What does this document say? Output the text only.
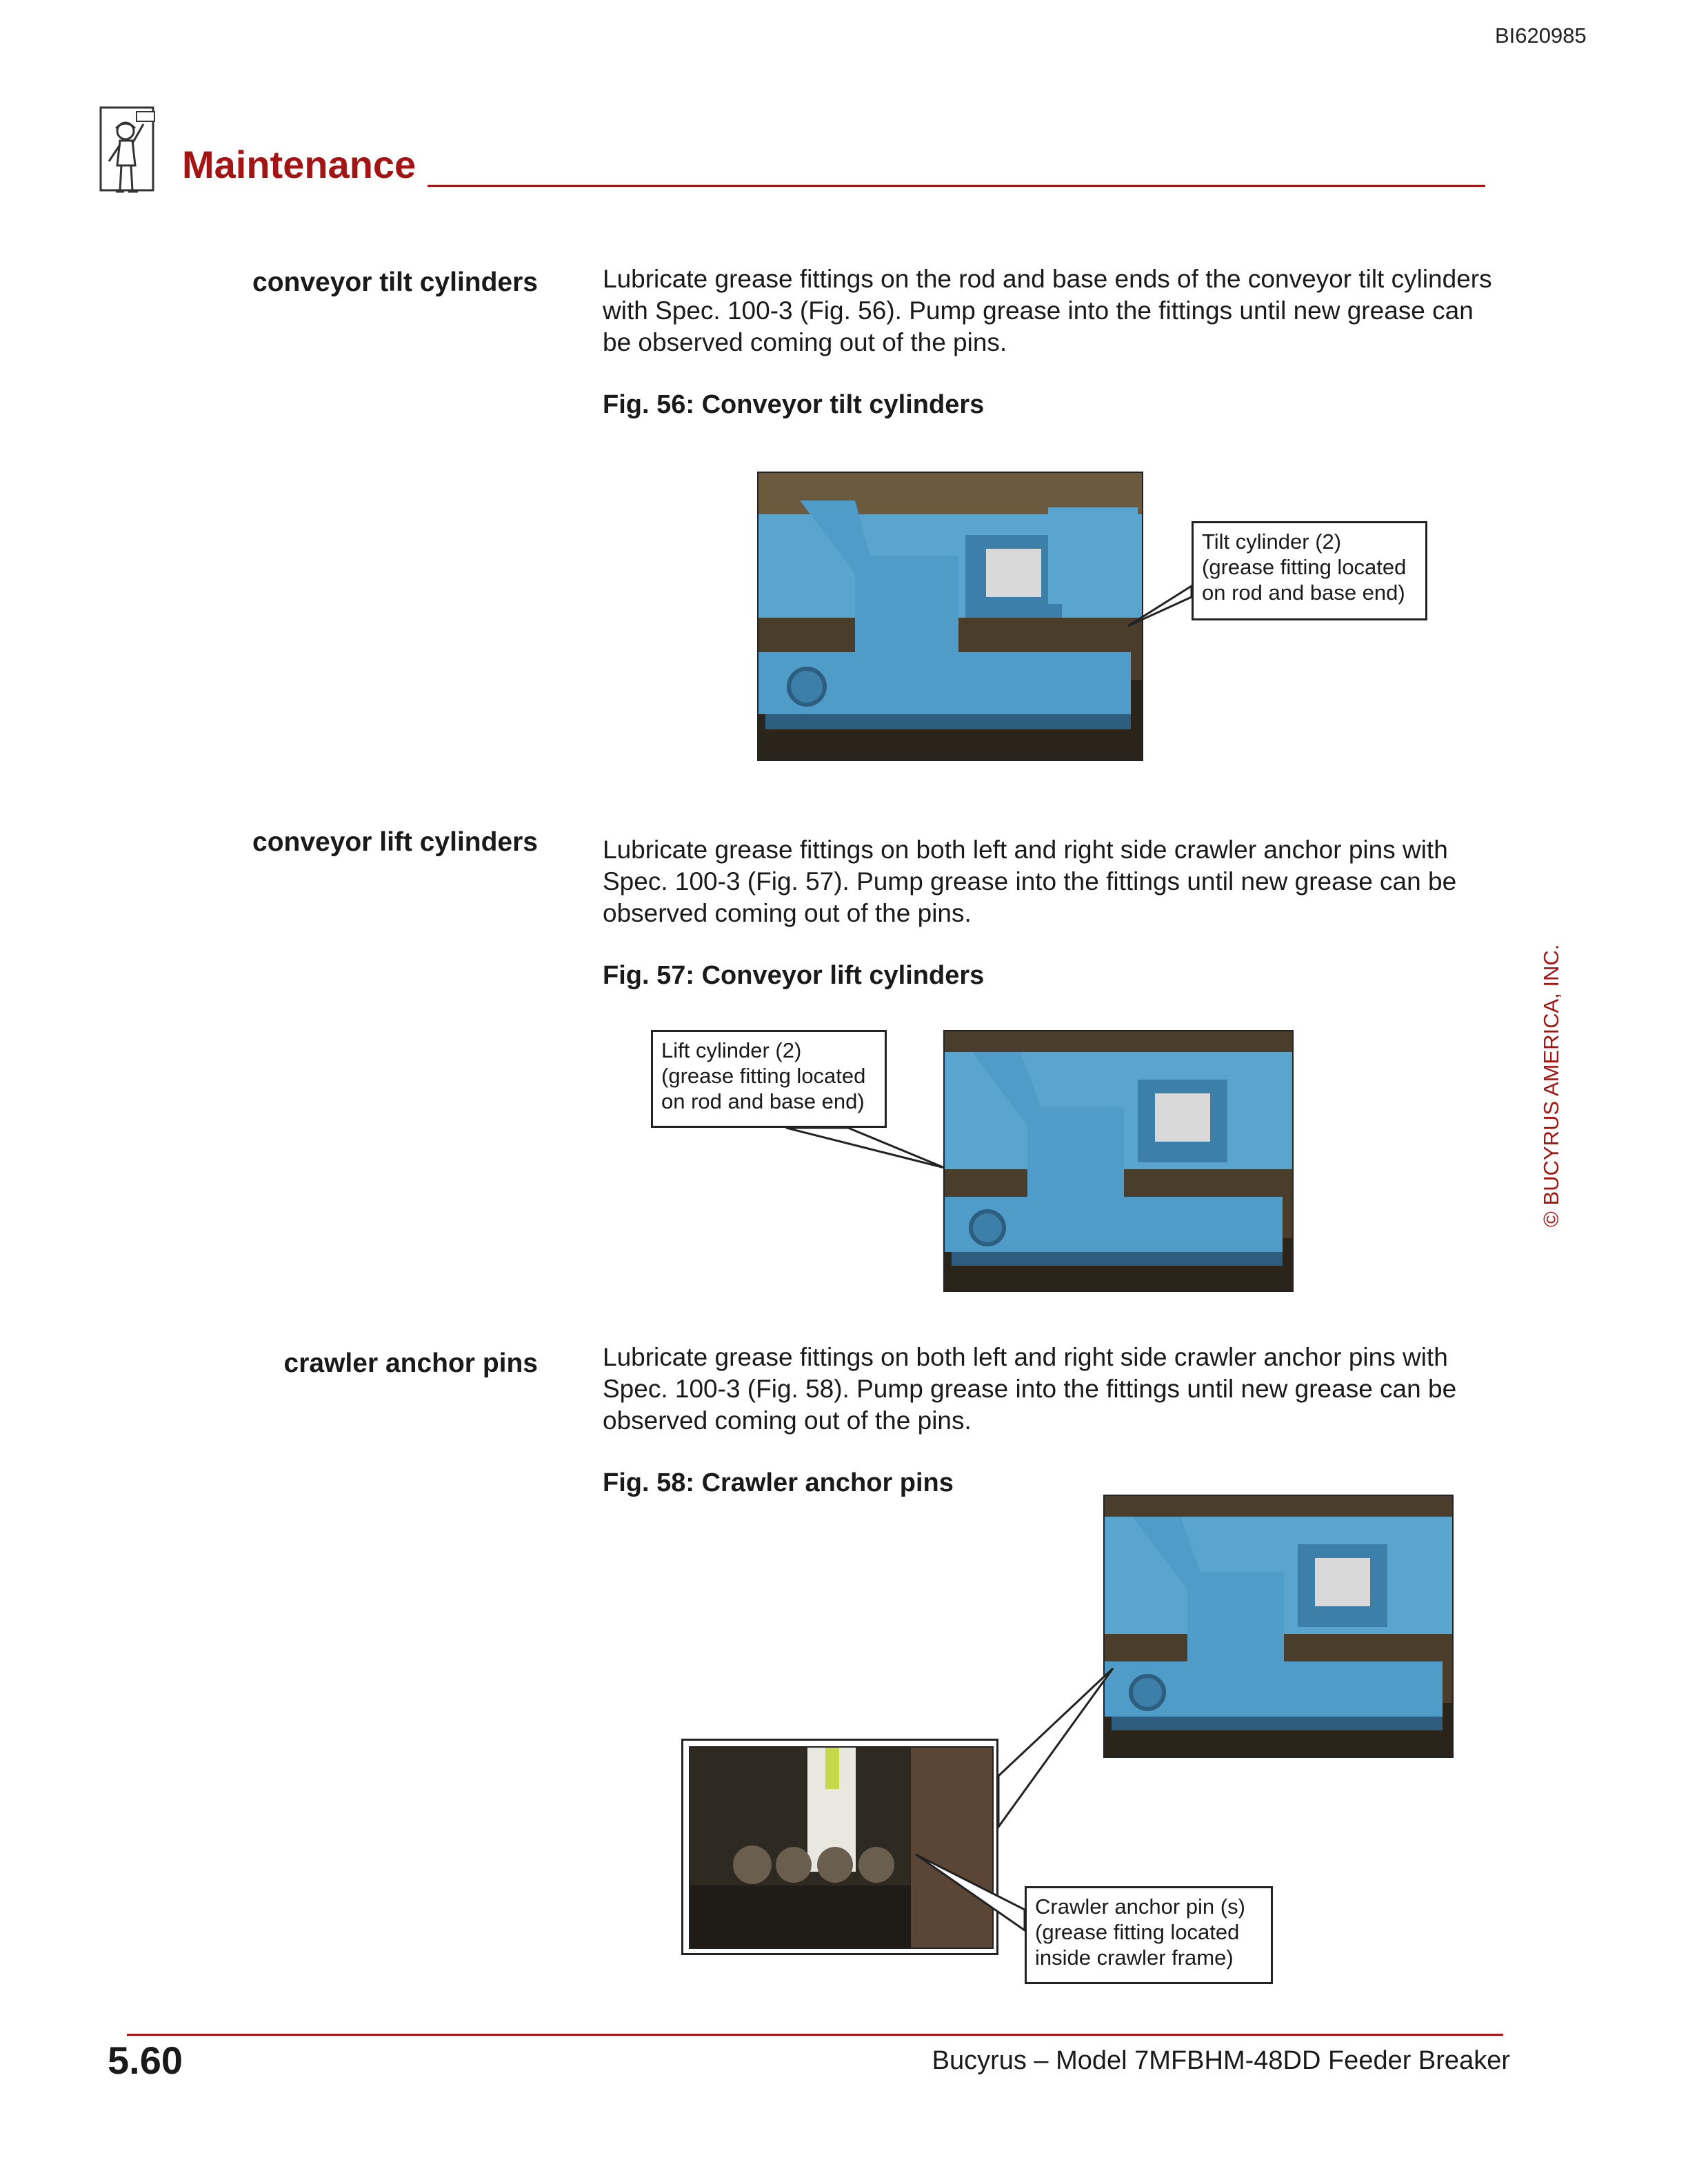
BI620985
Maintenance
conveyor tilt cylinders	Lubricate grease fittings on the rod and base ends of the conveyor tilt cylinders with Spec. 100-3 (Fig. 56). Pump grease into the fittings until new grease can be observed coming out of the pins.
Fig. 56: Conveyor tilt cylinders
Tilt cylinder (2)
(grease fitting located
on rod and base end)
conveyor lift cylinders	Lubricate grease fittings on both left and right side crawler anchor pins with Spec. 100-3 (Fig. 57). Pump grease into the fittings until new grease can be observed coming out of the pins.
Fig. 57: Conveyor lift cylinders
Lift cylinder (2)
(grease fitting located
on rod and base end)
crawler anchor pins	Lubricate grease fittings on both left and right side crawler anchor pins with Spec. 100-3 (Fig. 58). Pump grease into the fittings until new grease can be observed coming out of the pins.
Fig. 58: Crawler anchor pins
Crawler anchor pin (s)
(grease fitting located
inside crawler frame)
© BUCYRUS AMERICA, INC.
5.60	Bucyrus – Model 7MFBHM-48DD Feeder Breaker
